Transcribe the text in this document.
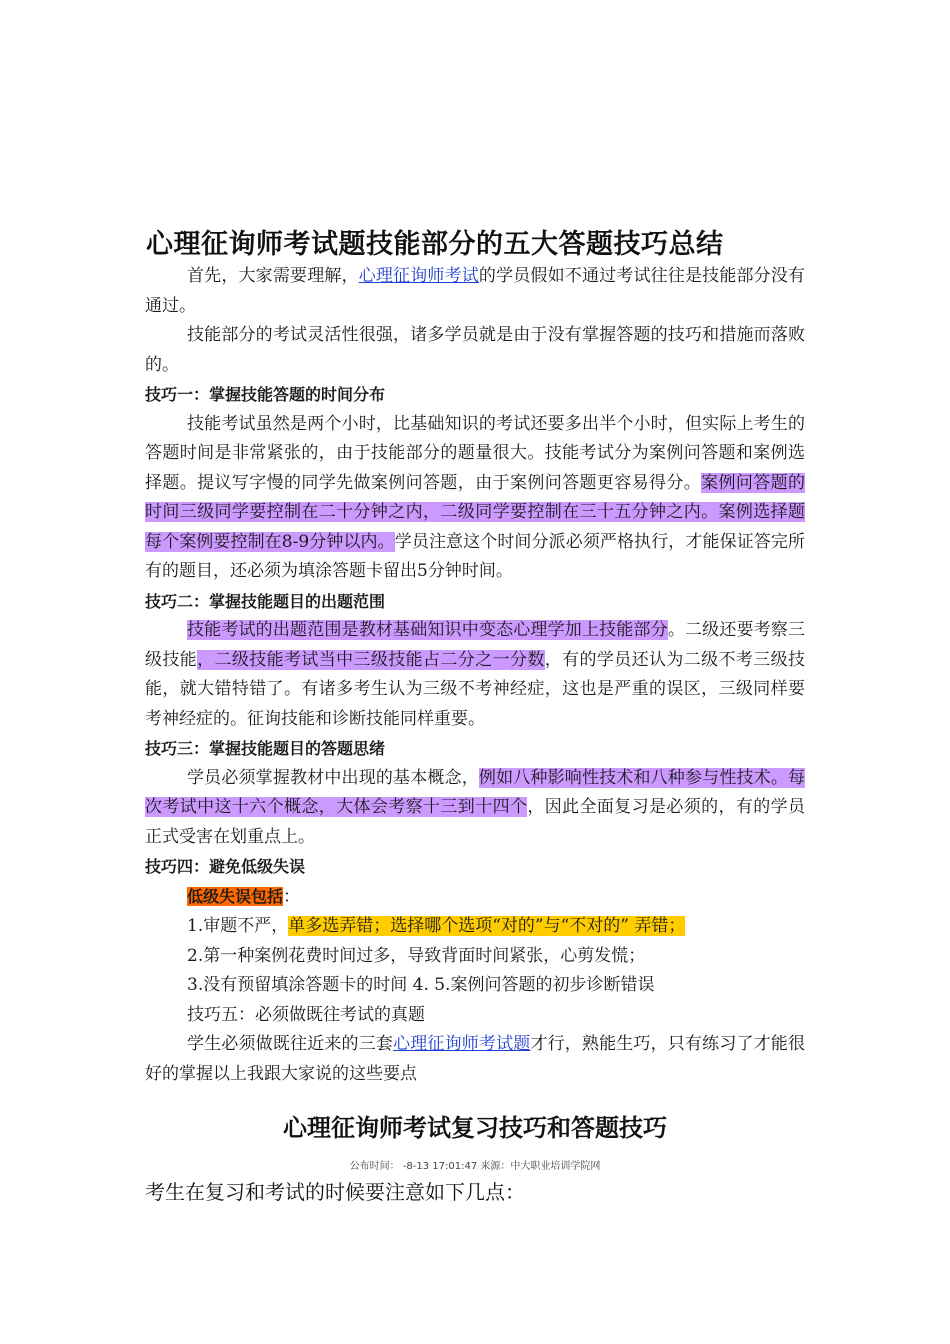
心理征询师考试题技能部分的五大答题技巧总结

首先，大家需要理解，心理征询师考试的学员假如不通过考试往往是技能部分没有通过。

技能部分的考试灵活性很强，诸多学员就是由于没有掌握答题的技巧和措施而落败的。

技巧一：掌握技能答题的时间分布

技能考试虽然是两个小时，比基础知识的考试还要多出半个小时，但实际上考生的答题时间是非常紧张的，由于技能部分的题量很大。技能考试分为案例问答题和案例选择题。提议写字慢的同学先做案例问答题，由于案例问答题更容易得分。案例问答题的时间三级同学要控制在二十分钟之内，二级同学要控制在三十五分钟之内。案例选择题每个案例要控制在8-9分钟以内。学员注意这个时间分派必须严格执行，才能保证答完所有的题目，还必须为填涂答题卡留出5分钟时间。

技巧二：掌握技能题目的出题范围

技能考试的出题范围是教材基础知识中变态心理学加上技能部分。二级还要考察三级技能，二级技能考试当中三级技能占二分之一分数，有的学员还认为二级不考三级技能，就大错特错了。有诸多考生认为三级不考神经症，这也是严重的误区，三级同样要考神经症的。征询技能和诊断技能同样重要。

技巧三：掌握技能题目的答题思绪

学员必须掌握教材中出现的基本概念，例如八种影响性技术和八种参与性技术。每次考试中这十六个概念，大体会考察十三到十四个，因此全面复习是必须的，有的学员正式受害在划重点上。

技巧四：避免低级失误

低级失误包括：

1.审题不严，单多选弄错；选择哪个选项“对的”与“不对的” 弄错；

2.第一种案例花费时间过多，导致背面时间紧张，心剪发慌；

3.没有预留填涂答题卡的时间 4. 5.案例问答题的初步诊断错误

技巧五：必须做既往考试的真题

学生必须做既往近来的三套心理征询师考试题才行，熟能生巧，只有练习了才能很好的掌握以上我跟大家说的这些要点

心理征询师考试复习技巧和答题技巧
公布时间： -8-13 17:01:47 来源：中大职业培训学院网
考生在复习和考试的时候要注意如下几点：
